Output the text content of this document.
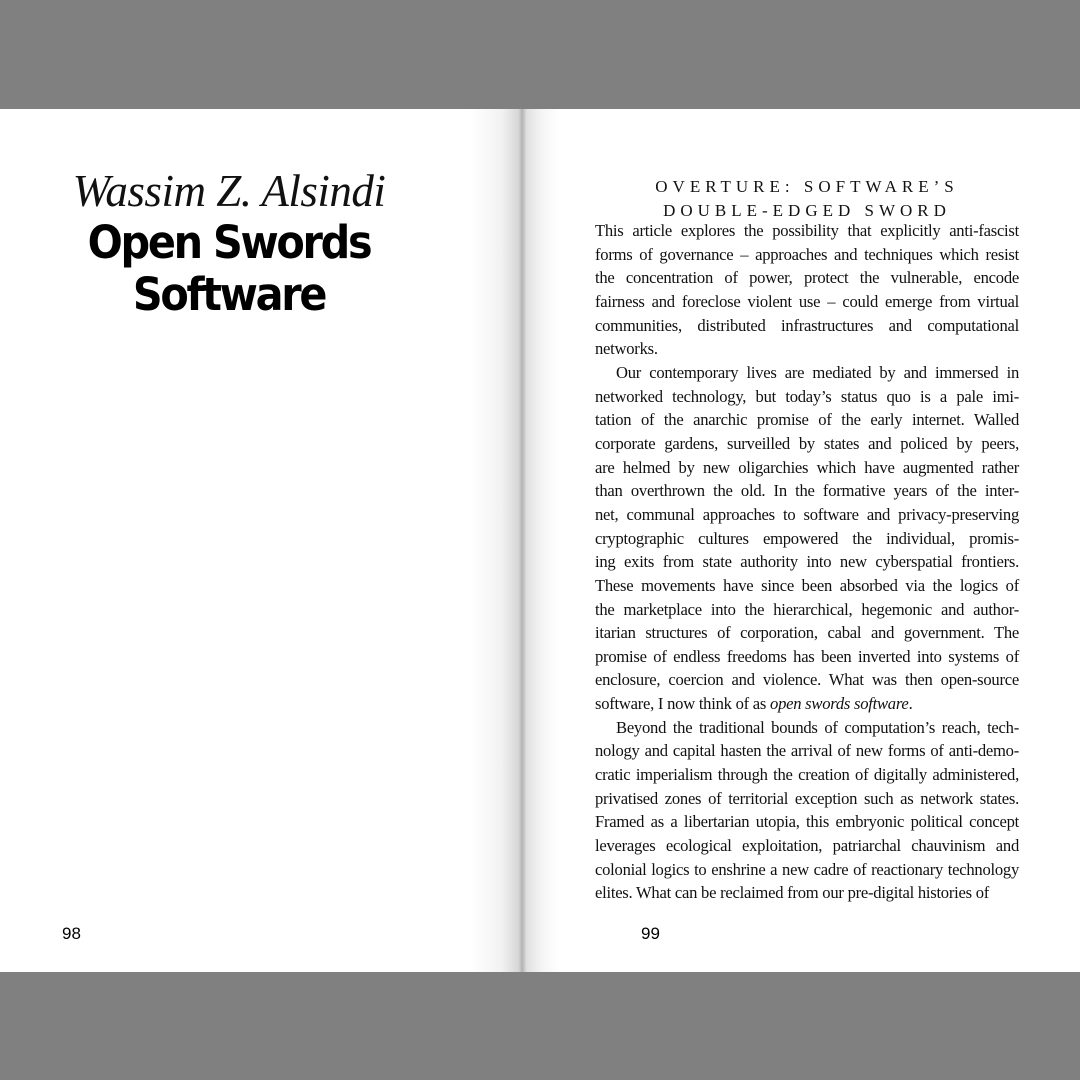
Wassim Z. Alsindi
Open Swords
Software
98
OVERTURE: SOFTWARE’S
DOUBLE-EDGED SWORD

This article explores the possibility that explicitly anti-fascist
forms of governance – approaches and techniques which resist
the concentration of power, protect the vulnerable, encode
fairness and foreclose violent use – could emerge from virtual
communities, distributed infrastructures and computational
networks.

Our contemporary lives are mediated by and immersed in
networked technology, but today’s status quo is a pale imi-
tation of the anarchic promise of the early internet. Walled
corporate gardens, surveilled by states and policed by peers,
are helmed by new oligarchies which have augmented rather
than overthrown the old. In the formative years of the inter-
net, communal approaches to software and privacy-preserving
cryptographic cultures empowered the individual, promis-
ing exits from state authority into new cyberspatial frontiers.
These movements have since been absorbed via the logics of
the marketplace into the hierarchical, hegemonic and author-
itarian structures of corporation, cabal and government. The
promise of endless freedoms has been inverted into systems of
enclosure, coercion and violence. What was then open-source
software, I now think of as open swords software.

Beyond the traditional bounds of computation’s reach, tech-
nology and capital hasten the arrival of new forms of anti-demo-
cratic imperialism through the creation of digitally administered,
privatised zones of territorial exception such as network states.
Framed as a libertarian utopia, this embryonic political concept
leverages ecological exploitation, patriarchal chauvinism and
colonial logics to enshrine a new cadre of reactionary technology
elites. What can be reclaimed from our pre-digital histories of

99
